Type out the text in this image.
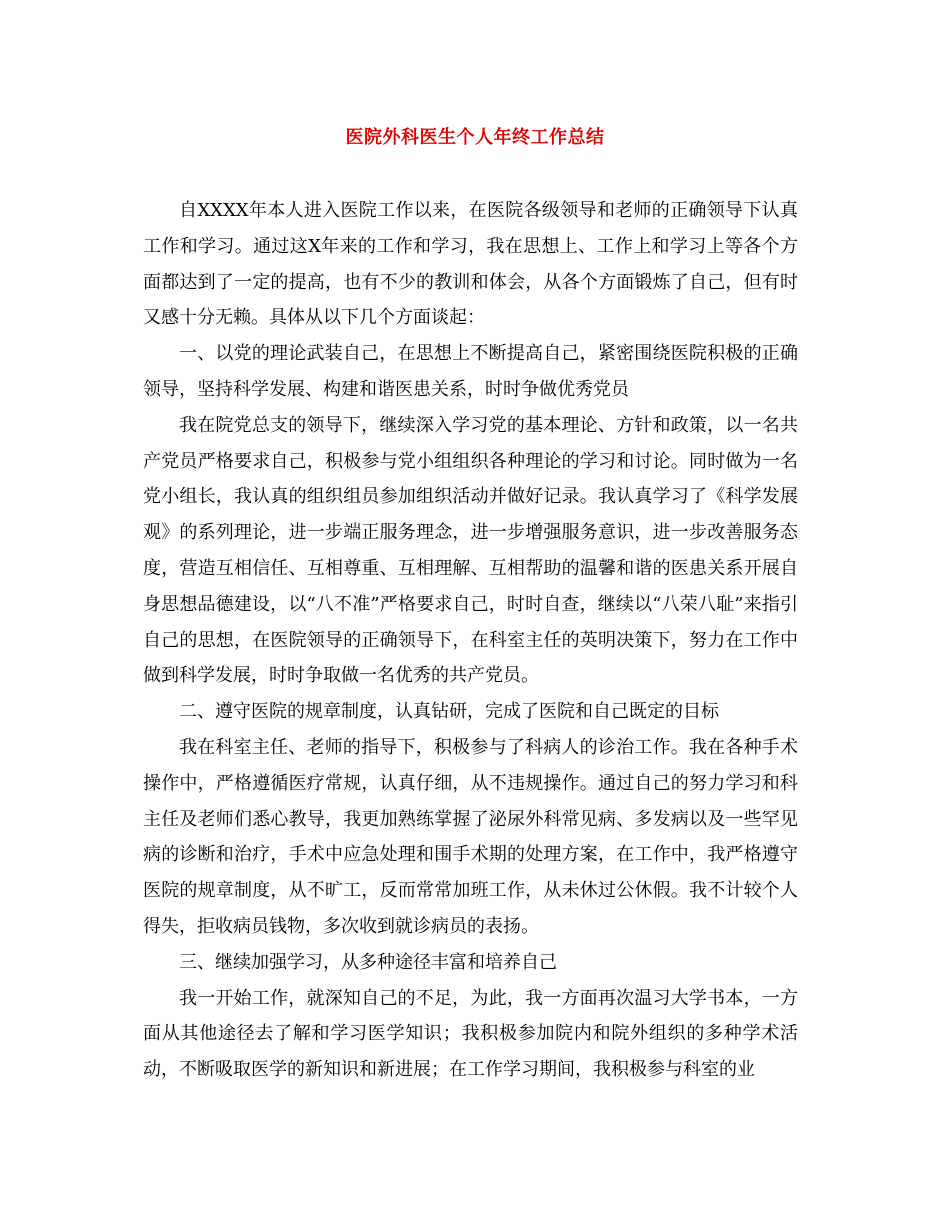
医院外科医生个人年终工作总结

自XXXX年本人进入医院工作以来，在医院各级领导和老师的正确领导下认真工作和学习。通过这X年来的工作和学习，我在思想上、工作上和学习上等各个方面都达到了一定的提高，也有不少的教训和体会，从各个方面锻炼了自己，但有时又感十分无赖。具体从以下几个方面谈起：

一、以党的理论武装自己，在思想上不断提高自己，紧密围绕医院积极的正确领导，坚持科学发展、构建和谐医患关系，时时争做优秀党员

我在院党总支的领导下，继续深入学习党的基本理论、方针和政策，以一名共产党员严格要求自己，积极参与党小组组织各种理论的学习和讨论。同时做为一名党小组长，我认真的组织组员参加组织活动并做好记录。我认真学习了《科学发展观》的系列理论，进一步端正服务理念，进一步增强服务意识，进一步改善服务态度，营造互相信任、互相尊重、互相理解、互相帮助的温馨和谐的医患关系开展自身思想品德建设，以“八不准”严格要求自己，时时自查，继续以“八荣八耻”来指引自己的思想，在医院领导的正确领导下，在科室主任的英明决策下，努力在工作中做到科学发展，时时争取做一名优秀的共产党员。

二、遵守医院的规章制度，认真钻研，完成了医院和自己既定的目标

我在科室主任、老师的指导下，积极参与了科病人的诊治工作。我在各种手术操作中，严格遵循医疗常规，认真仔细，从不违规操作。通过自己的努力学习和科主任及老师们悉心教导，我更加熟练掌握了泌尿外科常见病、多发病以及一些罕见病的诊断和治疗，手术中应急处理和围手术期的处理方案，在工作中，我严格遵守医院的规章制度，从不旷工，反而常常加班工作，从未休过公休假。我不计较个人得失，拒收病员钱物，多次收到就诊病员的表扬。

三、继续加强学习，从多种途径丰富和培养自己

我一开始工作，就深知自己的不足，为此，我一方面再次温习大学书本，一方面从其他途径去了解和学习医学知识；我积极参加院内和院外组织的多种学术活动，不断吸取医学的新知识和新进展；在工作学习期间，我积极参与科室的业
